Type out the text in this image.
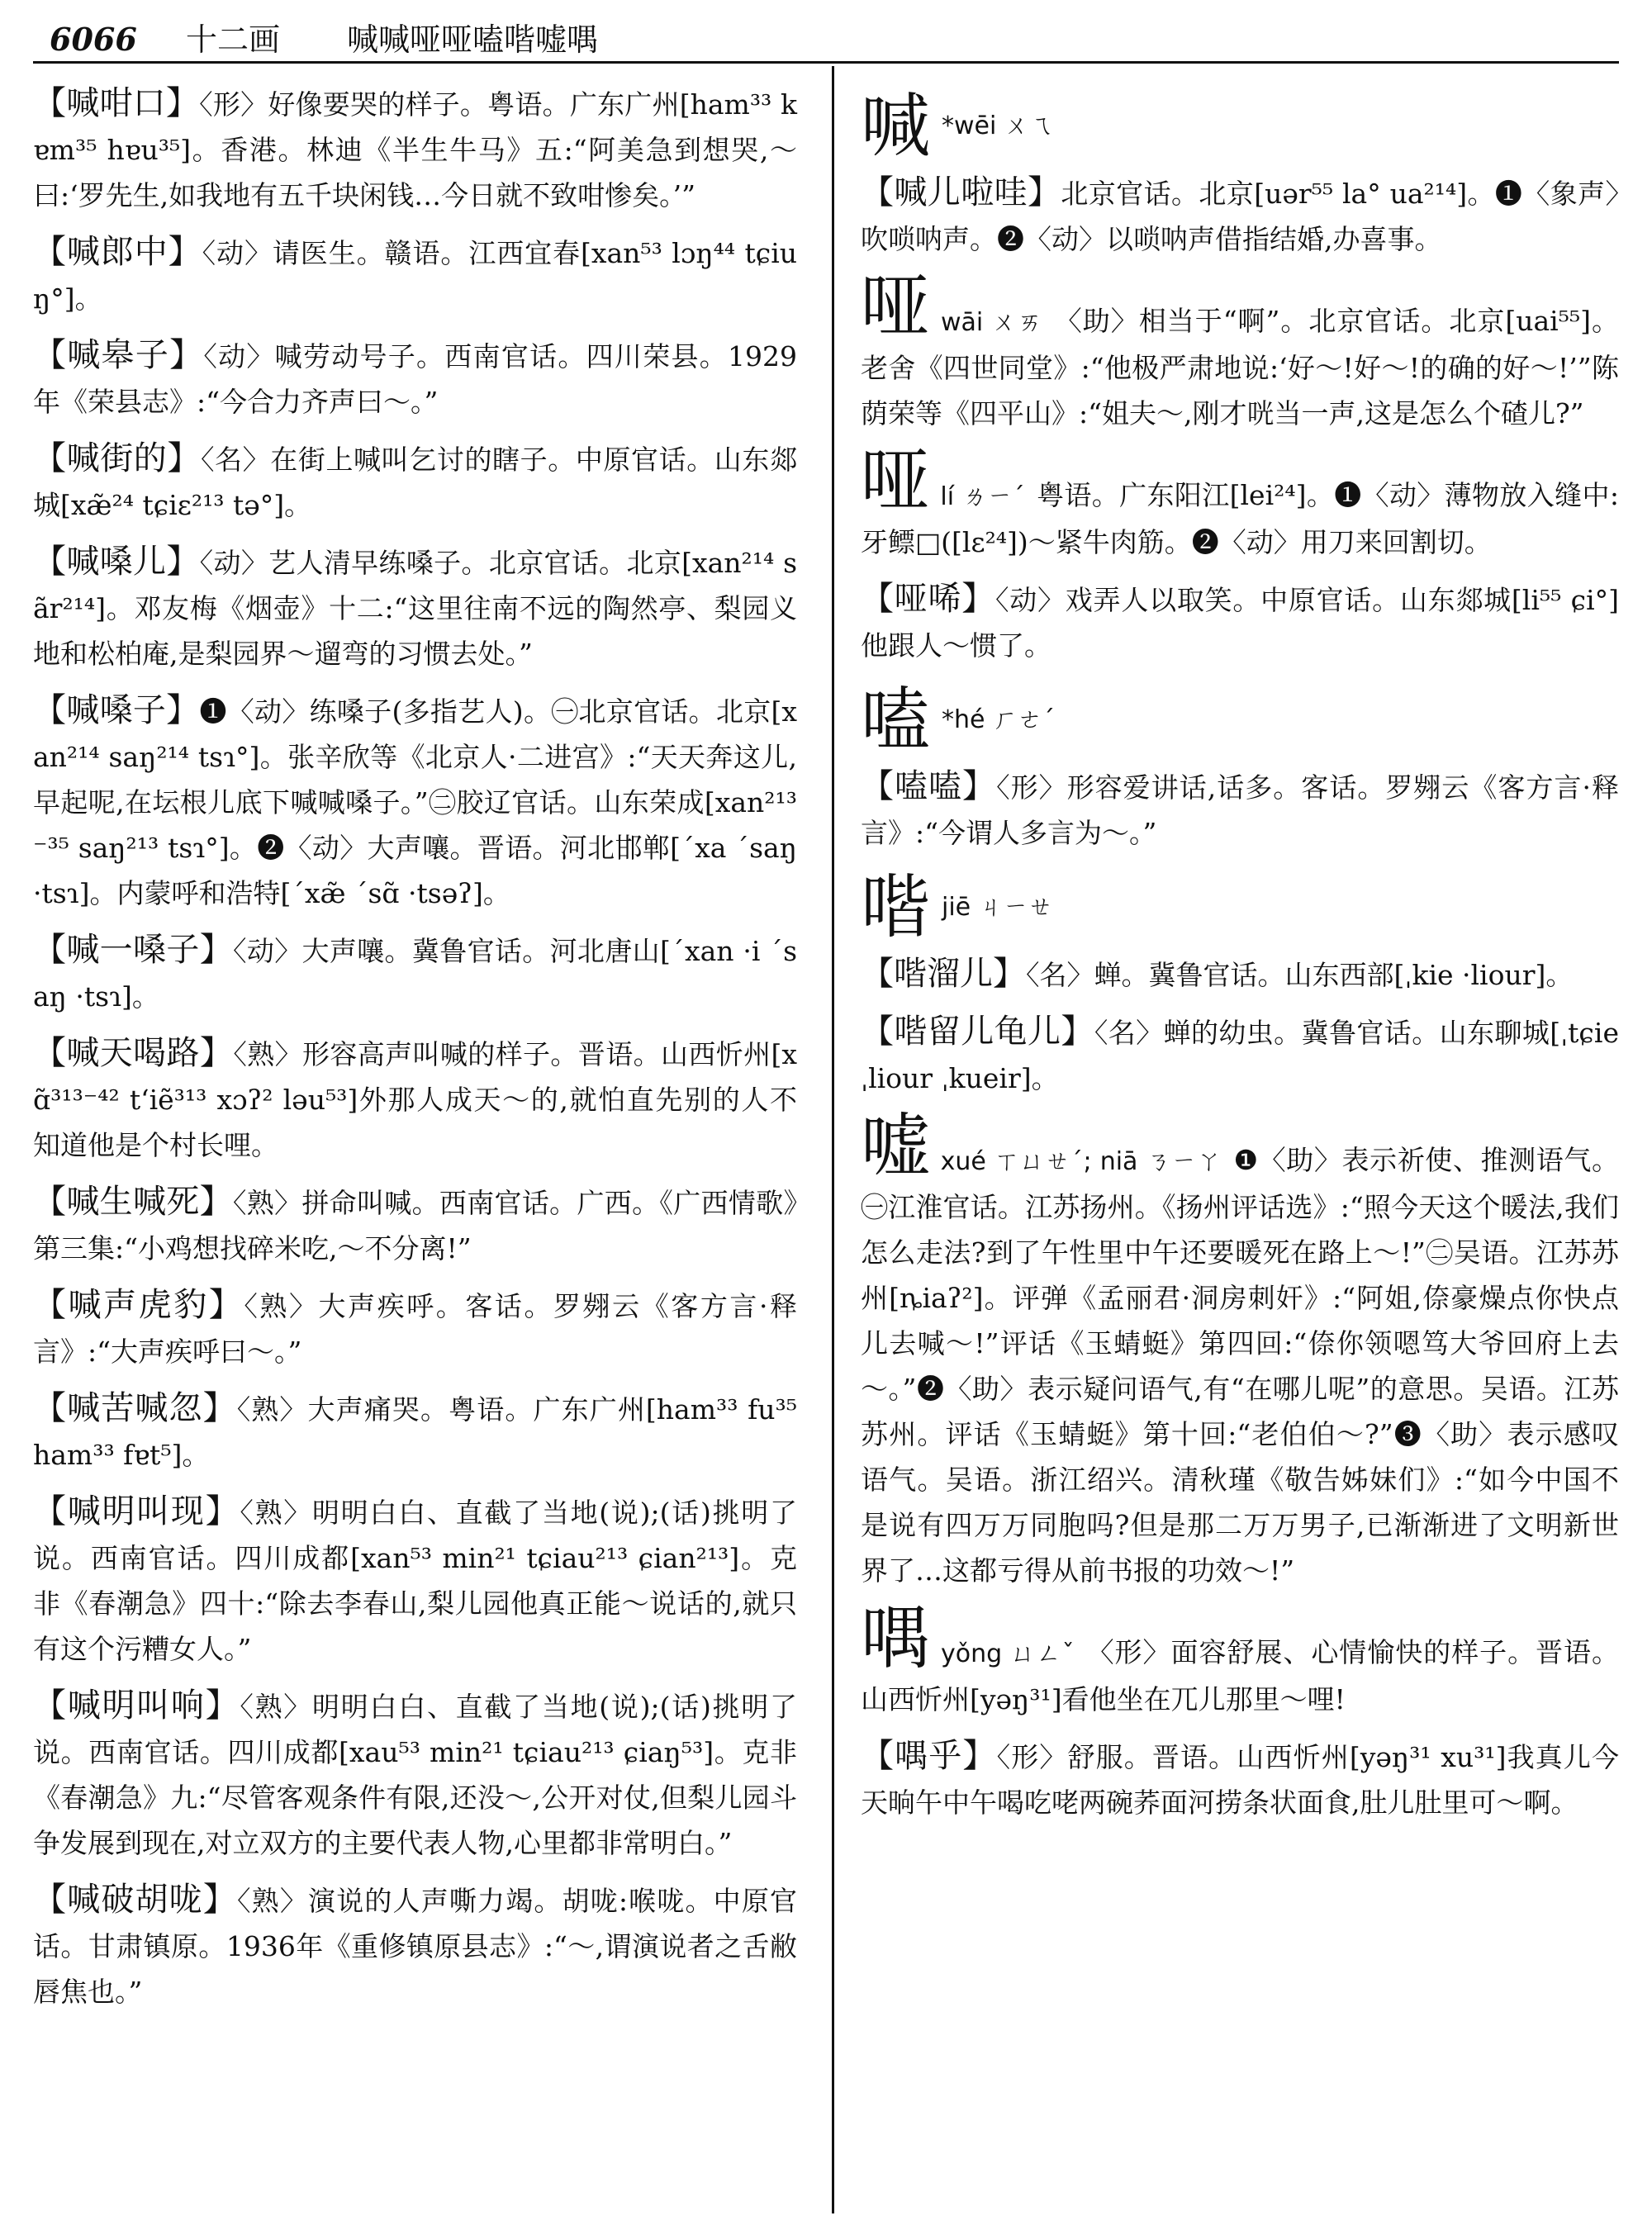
6066 十二画 喊喊哑哑嗑喈嘘喁

【喊咁口】〈形〉好像要哭的样子。粤语。广东广州[ham³³ kɐm³⁵ hɐu³⁵]。香港。林迪《半生牛马》五:“阿美急到想哭,～曰:‘罗先生,如我地有五千块闲钱…今日就不致咁惨矣。’”

【喊郎中】〈动〉请医生。赣语。江西宜春[xan⁵³ lɔŋ⁴⁴ tɕiuŋ°]。

【喊皋子】〈动〉喊劳动号子。西南官话。四川荣县。1929年《荣县志》:“今合力齐声曰～。”

【喊街的】〈名〉在街上喊叫乞讨的瞎子。中原官话。山东郯城[xæ̃²⁴ tɕiɛ²¹³ tə°]。

【喊嗓儿】〈动〉艺人清早练嗓子。北京官话。北京[xan²¹⁴ sãr²¹⁴]。邓友梅《烟壶》十二:“这里往南不远的陶然亭、梨园义地和松柏庵,是梨园界～遛弯的习惯去处。”

【喊嗓子】❶〈动〉练嗓子(多指艺人)。㊀北京官话。北京[xan²¹⁴ saŋ²¹⁴ tsɿ°]。张辛欣等《北京人·二进宫》:“天天奔这儿,早起呢,在坛根儿底下喊喊嗓子。”㊁胶辽官话。山东荣成[xan²¹³⁻³⁵ saŋ²¹³ tsɿ°]。❷〈动〉大声嚷。晋语。河北邯郸[ˊxa ˊsaŋ ·tsɿ]。内蒙呼和浩特[ˊxæ̃ ˊsɑ̃ ·tsəʔ]。

【喊一嗓子】〈动〉大声嚷。冀鲁官话。河北唐山[ˊxan ·i ˊsaŋ ·tsɿ]。

【喊天喝路】〈熟〉形容高声叫喊的样子。晋语。山西忻州[xɑ̃³¹³⁻⁴² tʻiẽ³¹³ xɔʔ² ləu⁵³]外那人成天～的,就怕直先别的人不知道他是个村长哩。

【喊生喊死】〈熟〉拼命叫喊。西南官话。广西。《广西情歌》第三集:“小鸡想找碎米吃,～不分离!”

【喊声虎豹】〈熟〉大声疾呼。客话。罗翙云《客方言·释言》:“大声疾呼曰～。”

【喊苦喊忽】〈熟〉大声痛哭。粤语。广东广州[ham³³ fu³⁵ ham³³ fɐt⁵]。

【喊明叫现】〈熟〉明明白白、直截了当地(说);(话)挑明了说。西南官话。四川成都[xan⁵³ min²¹ tɕiau²¹³ ɕian²¹³]。克非《春潮急》四十:“除去李春山,梨儿园他真正能～说话的,就只有这个污糟女人。”

【喊明叫响】〈熟〉明明白白、直截了当地(说);(话)挑明了说。西南官话。四川成都[xau⁵³ min²¹ tɕiau²¹³ ɕiaŋ⁵³]。克非《春潮急》九:“尽管客观条件有限,还没～,公开对仗,但梨儿园斗争发展到现在,对立双方的主要代表人物,心里都非常明白。”

【喊破胡咙】〈熟〉演说的人声嘶力竭。胡咙:喉咙。中原官话。甘肃镇原。1936年《重修镇原县志》:“～,谓演说者之舌敝唇焦也。”

喊 *wēi ㄨㄟ

【喊儿啦哇】北京官话。北京[uər⁵⁵ la° ua²¹⁴]。❶〈象声〉吹唢呐声。❷〈动〉以唢呐声借指结婚,办喜事。

哑wāi ㄨㄞ 〈助〉相当于“啊”。北京官话。北京[uai⁵⁵]。老舍《四世同堂》:“他极严肃地说:‘好～!好～!的确的好～!’”陈荫荣等《四平山》:“姐夫～,刚才咣当一声,这是怎么个碴儿?”

哑lí ㄌㄧˊ 粤语。广东阳江[lei²⁴]。❶〈动〉薄物放入缝中:牙鳔□([lɛ²⁴])～紧牛肉筋。❷〈动〉用刀来回割切。

【哑唏】〈动〉戏弄人以取笑。中原官话。山东郯城[li⁵⁵ ɕi°]他跟人～惯了。

嗑 *hé ㄏㄜˊ

【嗑嗑】〈形〉形容爱讲话,话多。客话。罗翙云《客方言·释言》:“今谓人多言为～。”

喈jiē ㄐㄧㄝ

【喈溜儿】〈名〉蝉。冀鲁官话。山东西部[ˌkie ·liour]。

【喈留儿龟儿】〈名〉蝉的幼虫。冀鲁官话。山东聊城[ˌtɕie ˌliour ˌkueir]。

嘘xué ㄒㄩㄝˊ; niā ㄋㄧㄚ ❶〈助〉表示祈使、推测语气。㊀江淮官话。江苏扬州。《扬州评话选》:“照今天这个暖法,我们怎么走法?到了午性里中午还要暖死在路上～!”㊁吴语。江苏苏州[ȵiaʔ²]。评弹《孟丽君·洞房刺奸》:“阿姐,倷豪燥点你快点儿去喊～!”评话《玉蜻蜓》第四回:“倷你领嗯笃大爷回府上去～。”❷〈助〉表示疑问语气,有“在哪儿呢”的意思。吴语。江苏苏州。评话《玉蜻蜓》第十回:“老伯伯～?”❸〈助〉表示感叹语气。吴语。浙江绍兴。清秋瑾《敬告姊妹们》:“如今中国不是说有四万万同胞吗?但是那二万万男子,已渐渐进了文明新世界了…这都亏得从前书报的功效～!”

喁yǒng ㄩㄥˇ 〈形〉面容舒展、心情愉快的样子。晋语。山西忻州[yəŋ³¹]看他坐在兀儿那里～哩!

【喁乎】〈形〉舒服。晋语。山西忻州[yəŋ³¹ xu³¹]我真儿今天晌午中午喝吃咾两碗荞面河捞条状面食,肚儿肚里可～啊。
